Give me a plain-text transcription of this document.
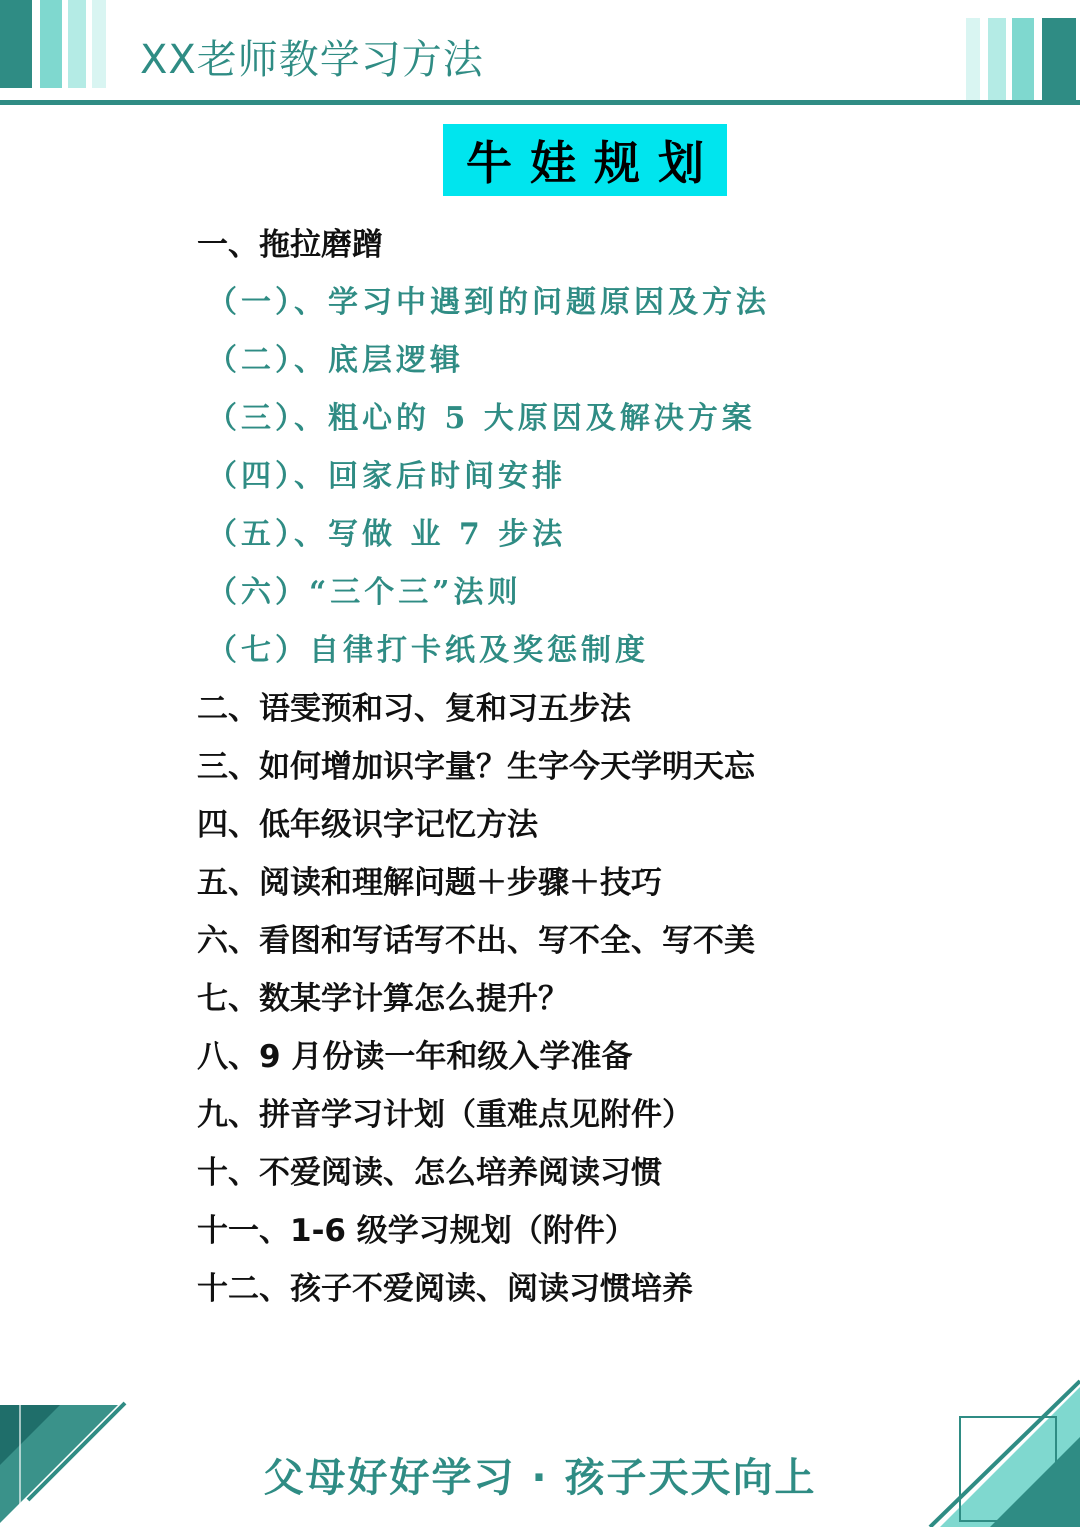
XX老师教学习方法
牛娃规划
一、拖拉磨蹭
（一）、学习中遇到的问题原因及方法
（二）、底层逻辑
（三）、粗心的 5 大原因及解决方案
（四）、回家后时间安排
（五）、写做 业 7 步法
（六）“三个三”法则
（七）自律打卡纸及奖惩制度
二、语雯预和习、复和习五步法
三、如何增加识字量？生字今天学明天忘
四、低年级识字记忆方法
五、阅读和理解问题＋步骤＋技巧
六、看图和写话写不出、写不全、写不美
七、数某学计算怎么提升？
八、9 月份读一年和级入学准备
九、拼音学习计划（重难点见附件）
十、不爱阅读、怎么培养阅读习惯
十一、1-6 级学习规划（附件）
十二、孩子不爱阅读、阅读习惯培养
父母好好学习 · 孩子天天向上
